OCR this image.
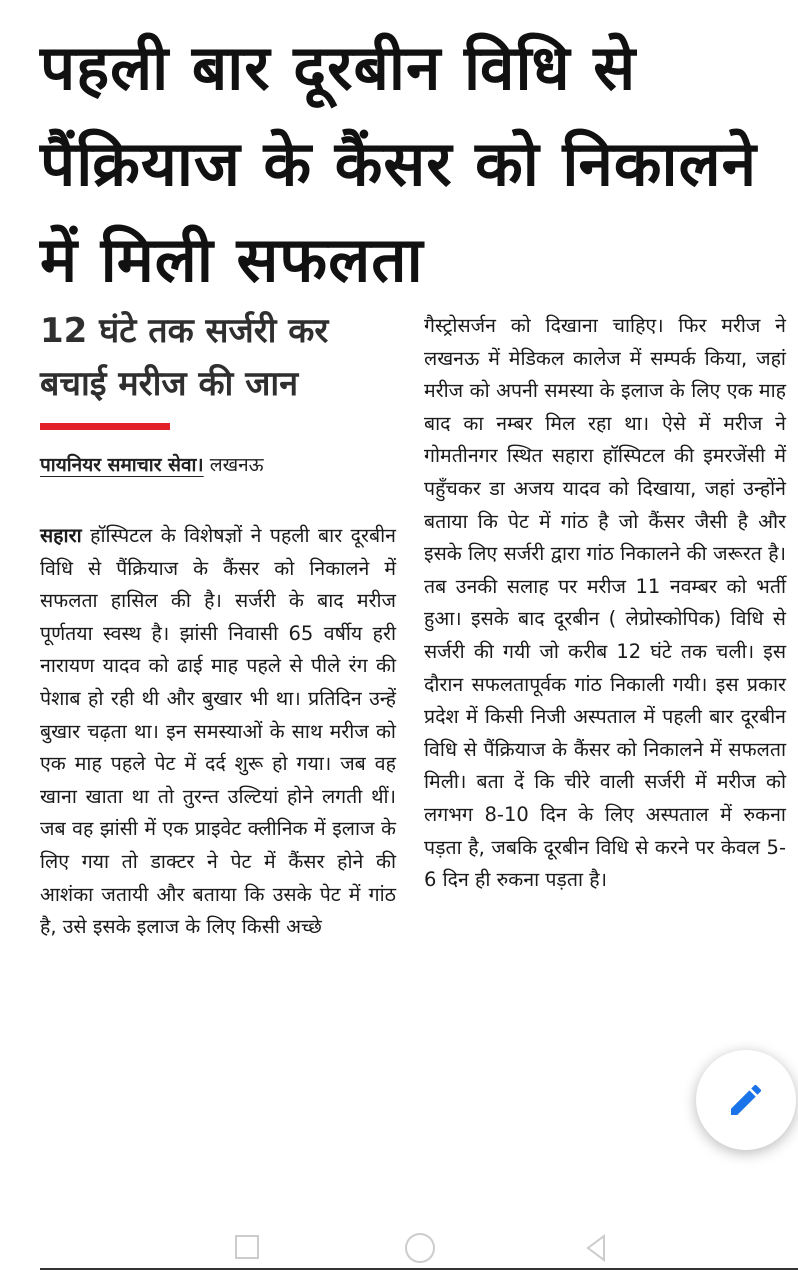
पहली बार दूरबीन विधि से पैंक्रियाज के कैंसर को निकालने में मिली सफलता
12 घंटे तक सर्जरी कर बचाई मरीज की जान
पायनियर समाचार सेवा। लखनऊ

सहारा हॉस्पिटल के विशेषज्ञों ने पहली बार दूरबीन विधि से पैंक्रियाज के कैंसर को निकालने में सफलता हासिल की है। सर्जरी के बाद मरीज पूर्णतया स्वस्थ है। झांसी निवासी 65 वर्षीय हरी नारायण यादव को ढाई माह पहले से पीले रंग की पेशाब हो रही थी और बुखार भी था। प्रतिदिन उन्हें बुखार चढ़ता था। इन समस्याओं के साथ मरीज को एक माह पहले पेट में दर्द शुरू हो गया। जब वह खाना खाता था तो तुरन्त उल्टियां होने लगती थीं। जब वह झांसी में एक प्राइवेट क्लीनिक में इलाज के लिए गया तो डाक्टर ने पेट में कैंसर होने की आशंका जतायी और बताया कि उसके पेट में गांठ है, उसे इसके इलाज के लिए किसी अच्छे

गैस्ट्रोसर्जन को दिखाना चाहिए। फिर मरीज ने लखनऊ में मेडिकल कालेज में सम्पर्क किया, जहां मरीज को अपनी समस्या के इलाज के लिए एक माह बाद का नम्बर मिल रहा था। ऐसे में मरीज ने गोमतीनगर स्थित सहारा हॉस्पिटल की इमरजेंसी में पहुँचकर डा अजय यादव को दिखाया, जहां उन्होंने बताया कि पेट में गांठ है जो कैंसर जैसी है और इसके लिए सर्जरी द्वारा गांठ निकालने की जरूरत है। तब उनकी सलाह पर मरीज 11 नवम्बर को भर्ती हुआ। इसके बाद दूरबीन ( लेप्रोस्कोपिक) विधि से सर्जरी की गयी जो करीब 12 घंटे तक चली। इस दौरान सफलतापूर्वक गांठ निकाली गयी। इस प्रकार प्रदेश में किसी निजी अस्पताल में पहली बार दूरबीन विधि से पैंक्रियाज के कैंसर को निकालने में सफलता मिली। बता दें कि चीरे वाली सर्जरी में मरीज को लगभग 8-10 दिन के लिए अस्पताल में रुकना पड़ता है, जबकि दूरबीन विधि से करने पर केवल 5-6 दिन ही रुकना पड़ता है।
